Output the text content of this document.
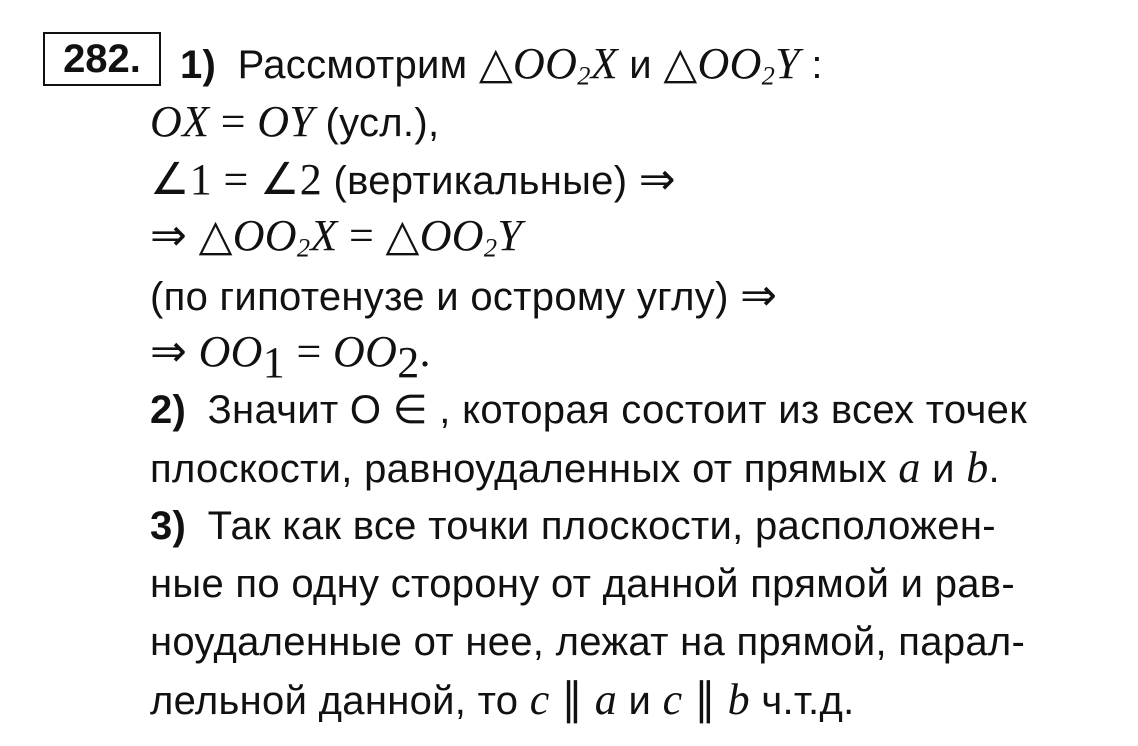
282. 1) Рассмотрим $\triangle OO_2X$ и $\triangle OO_2Y$ :
OX = OY (усл.),
∠1 = ∠2 (вертикальные) ⇒
⇒ $\triangle OO_2X$ = $\triangle OO_2Y$
(по гипотенузе и острому углу) ⇒
⇒ $OO_1 = OO_2$.
2) Значит O ∈ , которая состоит из всех точек
плоскости, равноудаленных от прямых a и b.
3) Так как все точки плоскости, расположен-
ные по одну сторону от данной прямой и рав-
ноудаленные от нее, лежат на прямой, парал-
лельной данной, то c ∥ a и c ∥ b ч.т.д.
